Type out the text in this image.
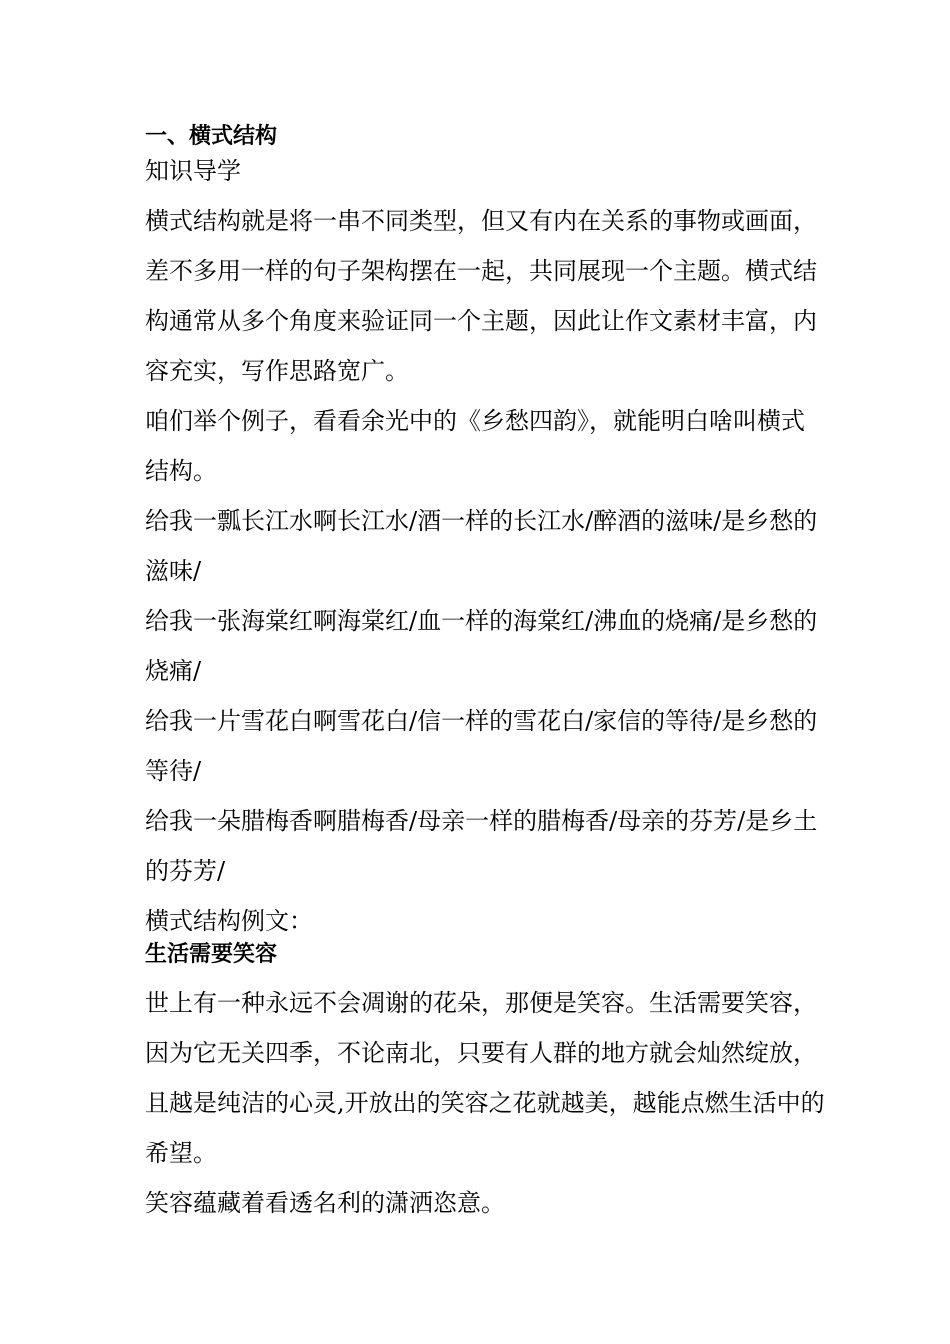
一、横式结构
知识导学
横式结构就是将一串不同类型，但又有内在关系的事物或画面，
差不多用一样的句子架构摆在一起，共同展现一个主题。横式结
构通常从多个角度来验证同一个主题，因此让作文素材丰富，内
容充实，写作思路宽广。
咱们举个例子，看看余光中的《乡愁四韵》，就能明白啥叫横式
结构。
给我一瓢长江水啊长江水/酒一样的长江水/醉酒的滋味/是乡愁的
滋味/
给我一张海棠红啊海棠红/血一样的海棠红/沸血的烧痛/是乡愁的
烧痛/
给我一片雪花白啊雪花白/信一样的雪花白/家信的等待/是乡愁的
等待/
给我一朵腊梅香啊腊梅香/母亲一样的腊梅香/母亲的芬芳/是乡土
的芬芳/
横式结构例文：
生活需要笑容
世上有一种永远不会凋谢的花朵，那便是笑容。生活需要笑容，
因为它无关四季，不论南北，只要有人群的地方就会灿然绽放，
且越是纯洁的心灵,开放出的笑容之花就越美，越能点燃生活中的
希望。
笑容蕴藏着看透名利的潇洒恣意。
